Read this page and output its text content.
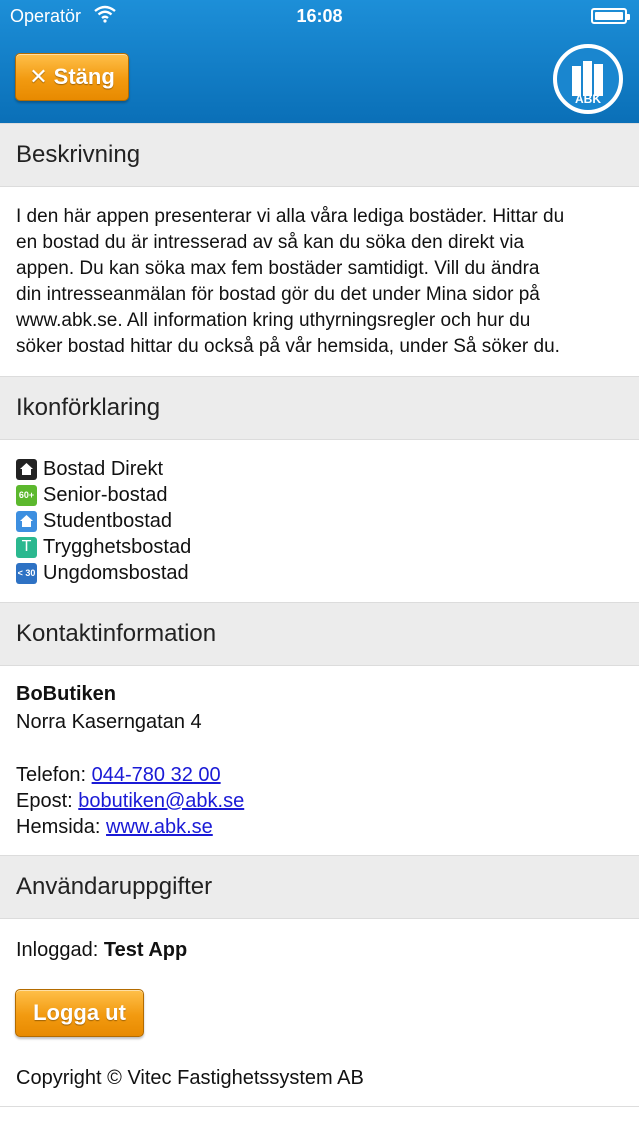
Operatör	16:08
✕ Stäng
ABK
Beskrivning
I den här appen presenterar vi alla våra lediga bostäder. Hittar du
en bostad du är intresserad av så kan du söka den direkt via
appen. Du kan söka max fem bostäder samtidigt. Vill du ändra
din intresseanmälan för bostad gör du det under Mina sidor på
www.abk.se. All information kring uthyrningsregler och hur du
söker bostad hittar du också på vår hemsida, under Så söker du.
Ikonförklaring
Bostad Direkt
60+ Senior-bostad
Studentbostad
T Trygghetsbostad
< 30 Ungdomsbostad
Kontaktinformation
BoButiken
Norra Kaserngatan 4
Telefon: 044-780 32 00
Epost: bobutiken@abk.se
Hemsida: www.abk.se
Användaruppgifter
Inloggad: Test App
Logga ut
Copyright © Vitec Fastighetssystem AB
